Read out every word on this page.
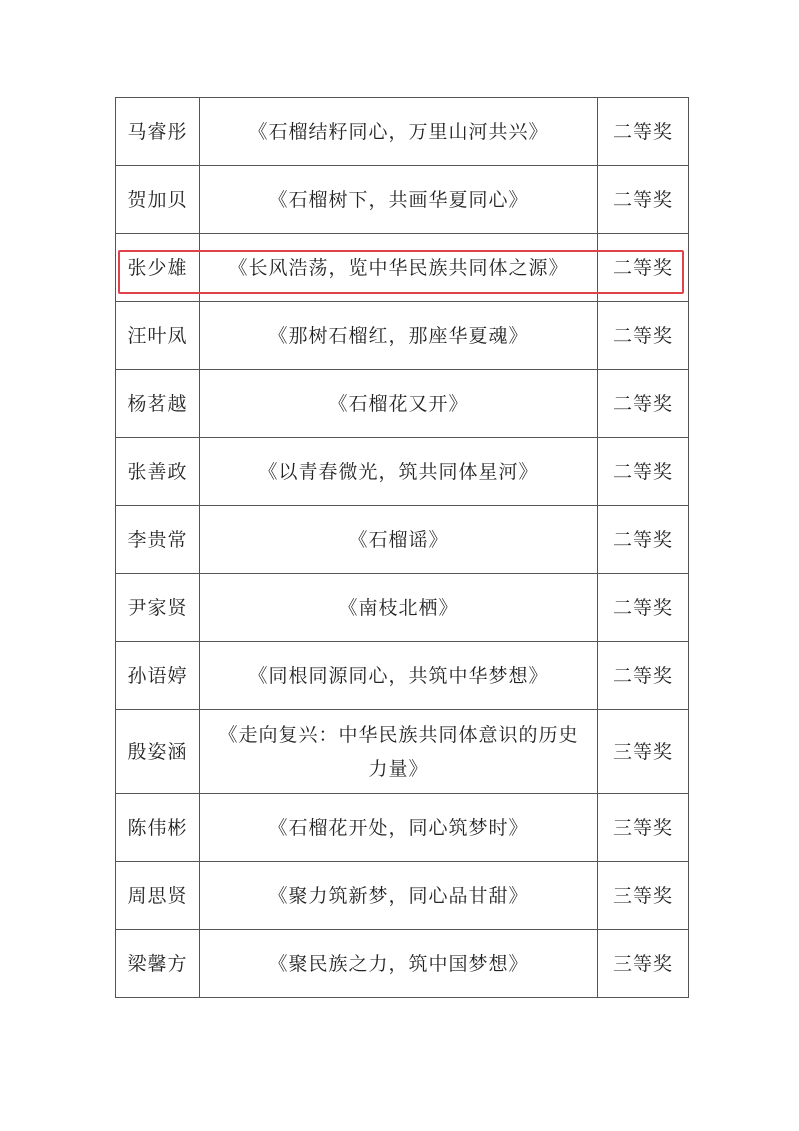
马睿彤	《石榴结籽同心，万里山河共兴》	二等奖
贺加贝	《石榴树下，共画华夏同心》	二等奖
张少雄	《长风浩荡，览中华民族共同体之源》	二等奖
汪叶凤	《那树石榴红，那座华夏魂》	二等奖
杨茗越	《石榴花又开》	二等奖
张善政	《以青春微光，筑共同体星河》	二等奖
李贵常	《石榴谣》	二等奖
尹家贤	《南枝北栖》	二等奖
孙语婷	《同根同源同心，共筑中华梦想》	二等奖
殷姿涵	《走向复兴：中华民族共同体意识的历史力量》	三等奖
陈伟彬	《石榴花开处，同心筑梦时》	三等奖
周思贤	《聚力筑新梦，同心品甘甜》	三等奖
梁馨方	《聚民族之力，筑中国梦想》	三等奖
